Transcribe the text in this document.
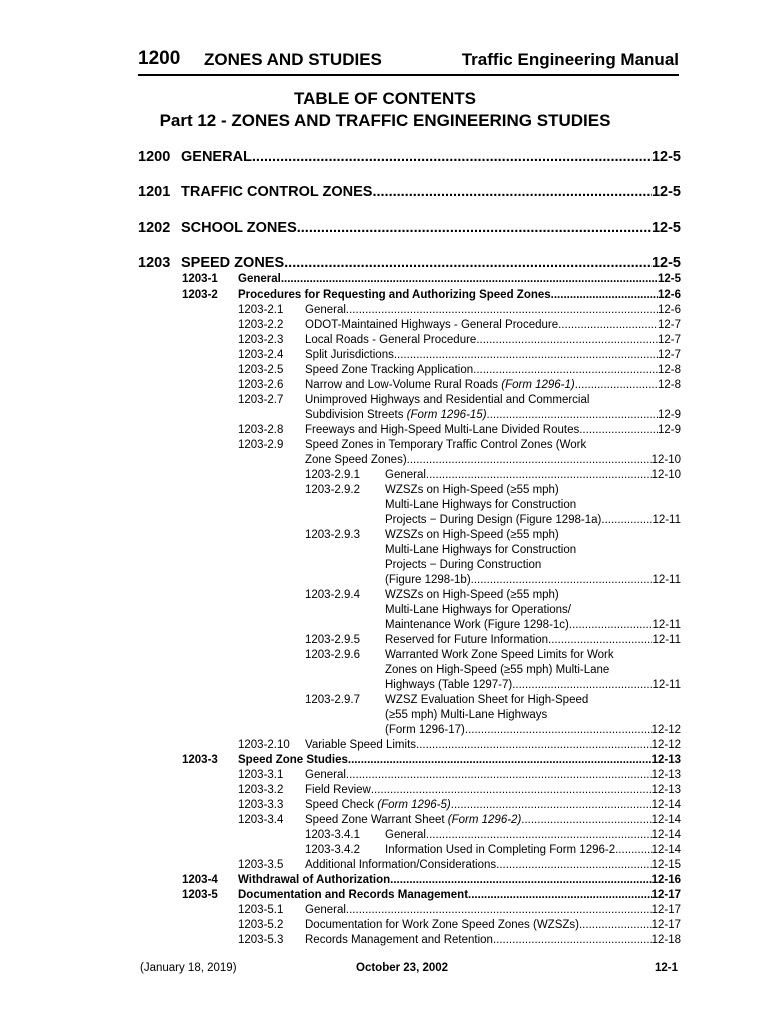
1200 ZONES AND STUDIES	Traffic Engineering Manual
TABLE OF CONTENTS
Part 12 - ZONES AND TRAFFIC ENGINEERING STUDIES
1200 GENERAL .....	12-5
1201 TRAFFIC CONTROL ZONES .....	12-5
1202 SCHOOL ZONES .....	12-5
1203 SPEED ZONES .....	12-5
1203-1	General .....	12-5
1203-2	Procedures for Requesting and Authorizing Speed Zones .....	12-6
1203-2.1	General .....	12-6
1203-2.2	ODOT-Maintained Highways - General Procedure .....	12-7
1203-2.3	Local Roads - General Procedure .....	12-7
1203-2.4	Split Jurisdictions .....	12-7
1203-2.5	Speed Zone Tracking Application .....	12-8
1203-2.6	Narrow and Low-Volume Rural Roads (Form 1296-1) .....	12-8
1203-2.7 Unimproved Highways and Residential and Commercial
Subdivision Streets (Form 1296-15) .....	12-9
1203-2.8	Freeways and High-Speed Multi-Lane Divided Routes .....	12-9
1203-2.9 Speed Zones in Temporary Traffic Control Zones (Work
Zone Speed Zones) .....	12-10
1203-2.9.1	General .....	12-10
1203-2.9.2 WZSZs on High-Speed (≥55 mph)
Multi-Lane Highways for Construction
Projects − During Design (Figure 1298-1a) .....	12-11
1203-2.9.3 WZSZs on High-Speed (≥55 mph)
Multi-Lane Highways for Construction
Projects − During Construction
(Figure 1298-1b) .....	12-11
1203-2.9.4 WZSZs on High-Speed (≥55 mph)
Multi-Lane Highways for Operations/
Maintenance Work (Figure 1298-1c) .....	12-11
1203-2.9.5	Reserved for Future Information .....	12-11
1203-2.9.6 Warranted Work Zone Speed Limits for Work
Zones on High-Speed (≥55 mph) Multi-Lane
Highways (Table 1297-7) .....	12-11
1203-2.9.7 WZSZ Evaluation Sheet for High-Speed
(≥55 mph) Multi-Lane Highways
(Form 1296-17) .....	12-12
1203-2.10	Variable Speed Limits .....	12-12
1203-3	Speed Zone Studies .....	12-13
1203-3.1	General .....	12-13
1203-3.2	Field Review .....	12-13
1203-3.3	Speed Check (Form 1296-5) .....	12-14
1203-3.4	Speed Zone Warrant Sheet (Form 1296-2) .....	12-14
1203-3.4.1	General .....	12-14
1203-3.4.2	Information Used in Completing Form 1296-2 .....	12-14
1203-3.5	Additional Information/Considerations .....	12-15
1203-4	Withdrawal of Authorization .....	12-16
1203-5	Documentation and Records Management .....	12-17
1203-5.1	General .....	12-17
1203-5.2	Documentation for Work Zone Speed Zones (WZSZs) .....	12-17
1203-5.3	Records Management and Retention .....	12-18
(January 18, 2019)	October 23, 2002	12-1
